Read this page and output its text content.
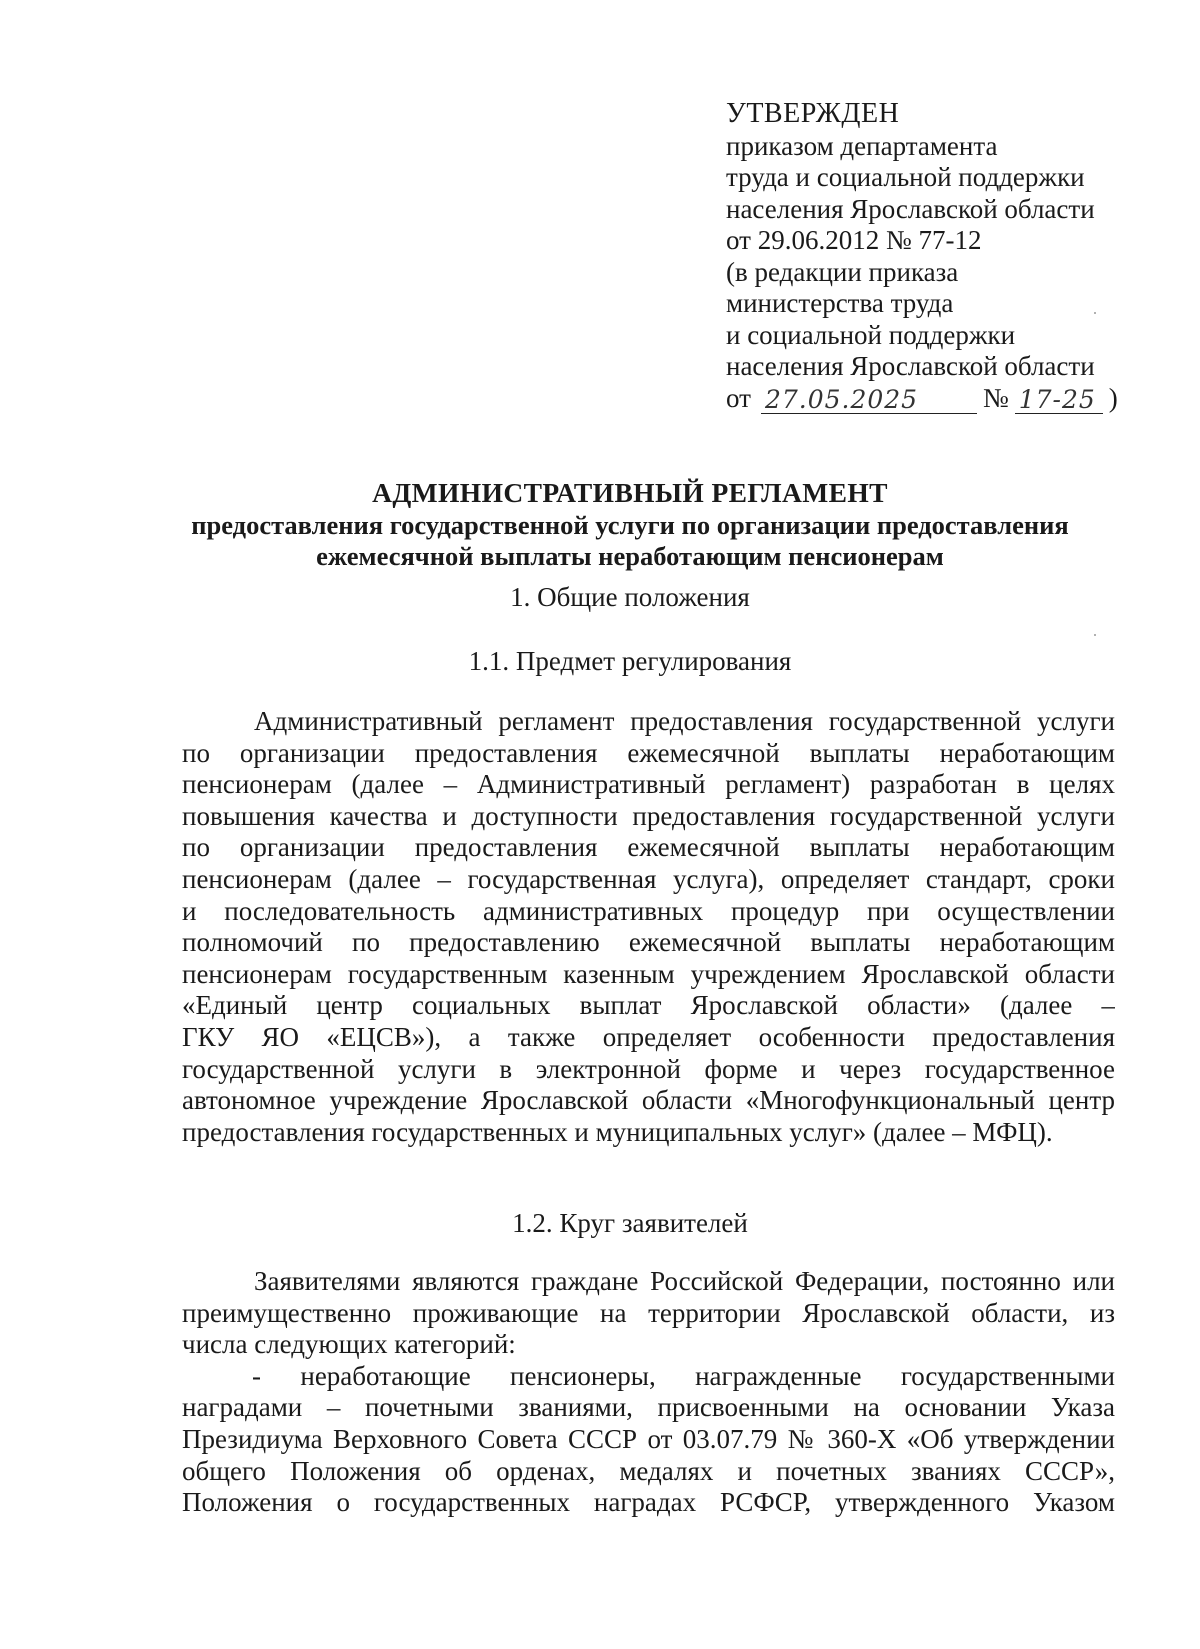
УТВЕРЖДЕН
приказом департамента
труда и социальной поддержки
населения Ярославской области
от 29.06.2012 № 77-12
(в редакции приказа
министерства труда
и социальной поддержки
населения Ярославской области
от 27.05.2025	№ 17-25 )
АДМИНИСТРАТИВНЫЙ РЕГЛАМЕНТ
предоставления государственной услуги по организации предоставления
ежемесячной выплаты неработающим пенсионерам
1. Общие положения
1.1. Предмет регулирования
Административный регламент предоставления государственной услуги
по организации предоставления ежемесячной выплаты неработающим
пенсионерам (далее – Административный регламент) разработан в целях
повышения качества и доступности предоставления государственной услуги
по организации предоставления ежемесячной выплаты неработающим
пенсионерам (далее – государственная услуга), определяет стандарт, сроки
и последовательность административных процедур при осуществлении
полномочий по предоставлению ежемесячной выплаты неработающим
пенсионерам государственным казенным учреждением Ярославской области
«Единый центр социальных выплат Ярославской области» (далее –
ГКУ ЯО «ЕЦСВ»), а также определяет особенности предоставления
государственной услуги в электронной форме и через государственное
автономное учреждение Ярославской области «Многофункциональный центр
предоставления государственных и муниципальных услуг» (далее – МФЦ).
1.2. Круг заявителей
Заявителями являются граждане Российской Федерации, постоянно или
преимущественно проживающие на территории Ярославской области, из
числа следующих категорий:
- неработающие пенсионеры, награжденные государственными
наградами – почетными званиями, присвоенными на основании Указа
Президиума Верховного Совета СССР от 03.07.79 № 360-Х «Об утверждении
общего Положения об орденах, медалях и почетных званиях СССР»,
Положения о государственных наградах РСФСР, утвержденного Указом
